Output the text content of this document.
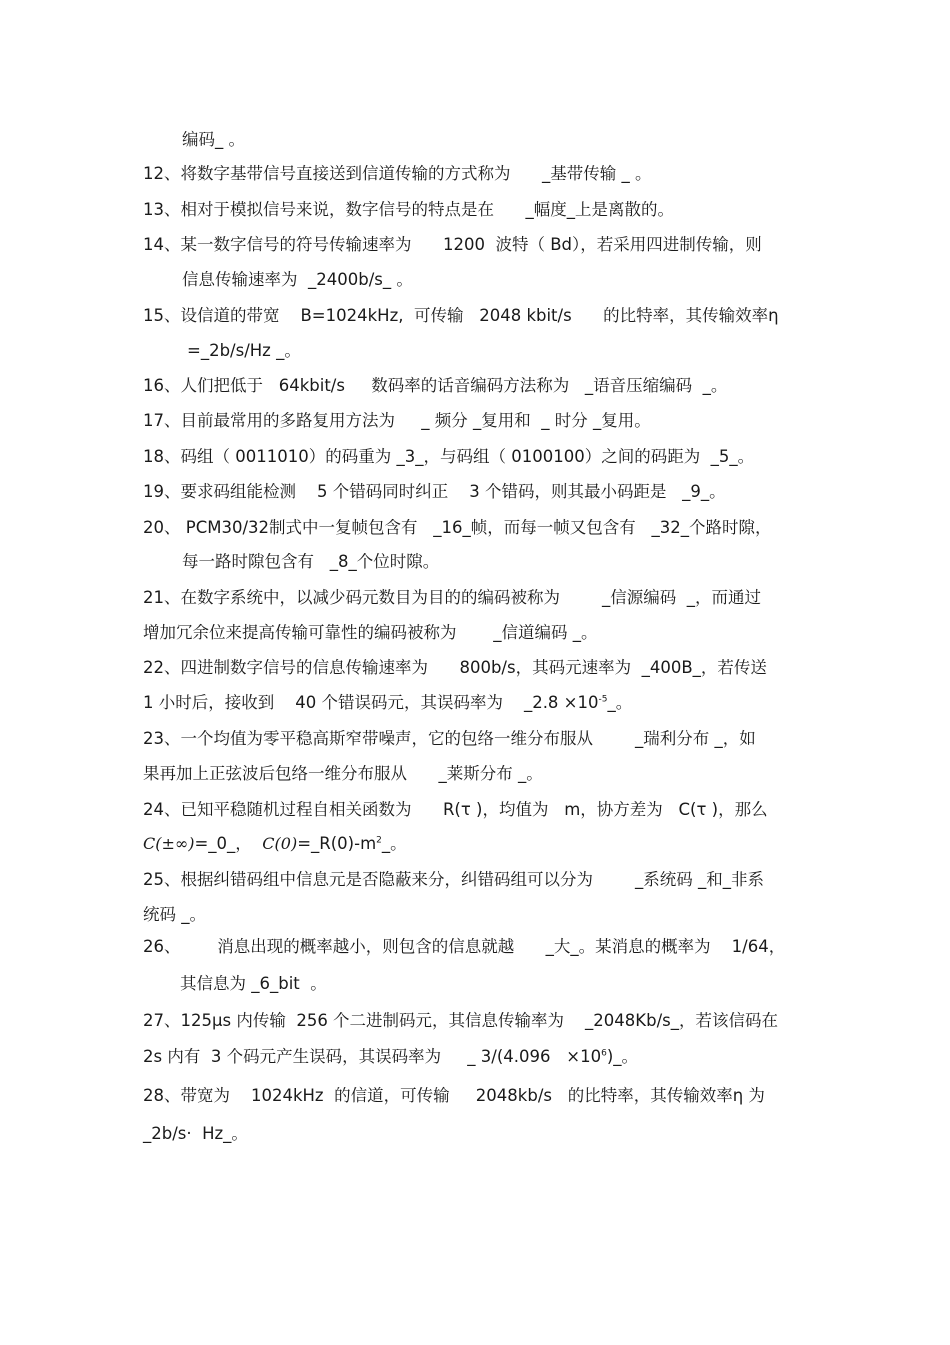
编码_ 。
12、将数字基带信号直接送到信道传输的方式称为      _基带传输 _ 。
13、相对于模拟信号来说，数字信号的特点是在      _幅度_上是离散的。
14、某一数字信号的符号传输速率为      1200  波特（ Bd），若采用四进制传输，则
信息传输速率为  _2400b/s_ 。
15、设信道的带宽    B=1024kHz,  可传输   2048 kbit/s      的比特率，其传输效率η
=_2b/s/Hz _。
16、人们把低于   64kbit/s     数码率的话音编码方法称为   _语音压缩编码  _。
17、目前最常用的多路复用方法为     _ 频分 _复用和  _ 时分 _复用。
18、码组（ 0011010）的码重为 _3_，与码组（ 0100100）之间的码距为  _5_。
19、要求码组能检测    5 个错码同时纠正    3 个错码，则其最小码距是   _9_。
20、 PCM30/32制式中一复帧包含有   _16_帧，而每一帧又包含有   _32_个路时隙，
每一路时隙包含有   _8_个位时隙。
21、在数字系统中，以减少码元数目为目的的编码被称为        _信源编码  _，而通过
增加冗余位来提高传输可靠性的编码被称为       _信道编码 _。
22、四进制数字信号的信息传输速率为      800b/s，其码元速率为  _400B_，若传送
1 小时后，接收到    40 个错误码元，其误码率为    _2.8 $\times 10^{-5}\_$。
23、一个均值为零平稳高斯窄带噪声，它的包络一维分布服从        _瑞利分布 _，如
果再加上正弦波后包络一维分布服从      _莱斯分布 _。
24、已知平稳随机过程自相关函数为      R(τ )，均值为   m，协方差为   C(τ )，那么
C(±∞)=_0_， $C(0)=\_R(0)-m^2\_$。
25、根据纠错码组中信息元是否隐蔽来分，纠错码组可以分为        _系统码 _和_非系
统码 _。
26、       消息出现的概率越小，则包含的信息就越      _大_。某消息的概率为    1/64，
其信息为 _6_bit  。
27、125μs 内传输  256 个二进制码元，其信息传输率为    _2048Kb/s_，若该信码在
2s 内有  3 个码元产生误码，其误码率为     _ $3/(4.096 \times 10^6)\_$。
28、带宽为    1024kHz  的信道，可传输     2048kb/s   的比特率，其传输效率η 为
_2b/s·  Hz_。
